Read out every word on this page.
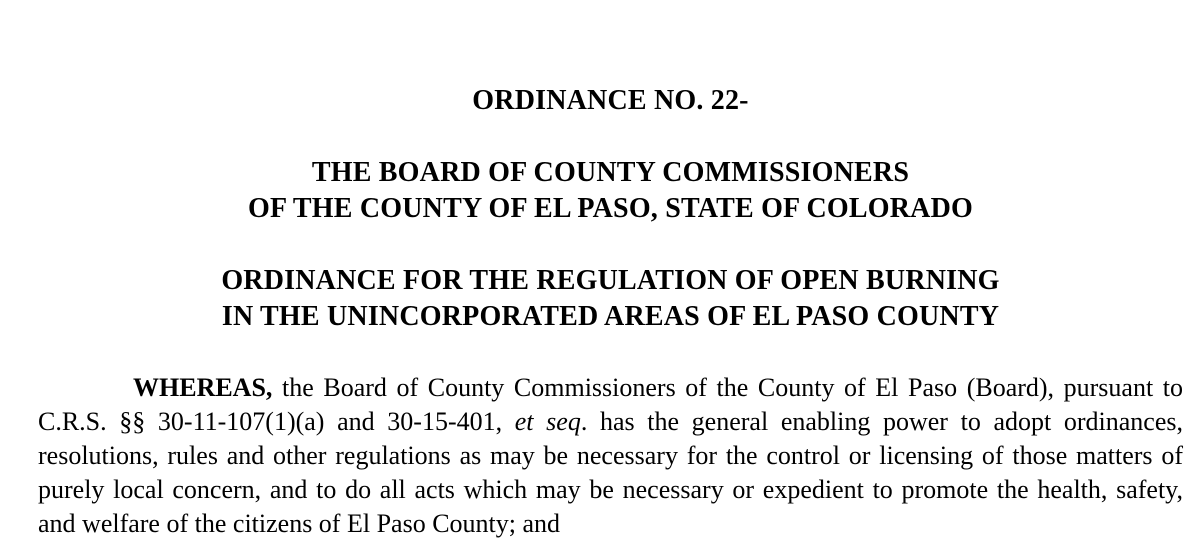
ORDINANCE NO. 22-
THE BOARD OF COUNTY COMMISSIONERS
OF THE COUNTY OF EL PASO, STATE OF COLORADO
ORDINANCE FOR THE REGULATION OF OPEN BURNING
IN THE UNINCORPORATED AREAS OF EL PASO COUNTY

WHEREAS, the Board of County Commissioners of the County of El Paso (Board), pursuant to C.R.S. §§ 30-11-107(1)(a) and 30-15-401, et seq. has the general enabling power to adopt ordinances, resolutions, rules and other regulations as may be necessary for the control or licensing of those matters of purely local concern, and to do all acts which may be necessary or expedient to promote the health, safety, and welfare of the citizens of El Paso County; and
